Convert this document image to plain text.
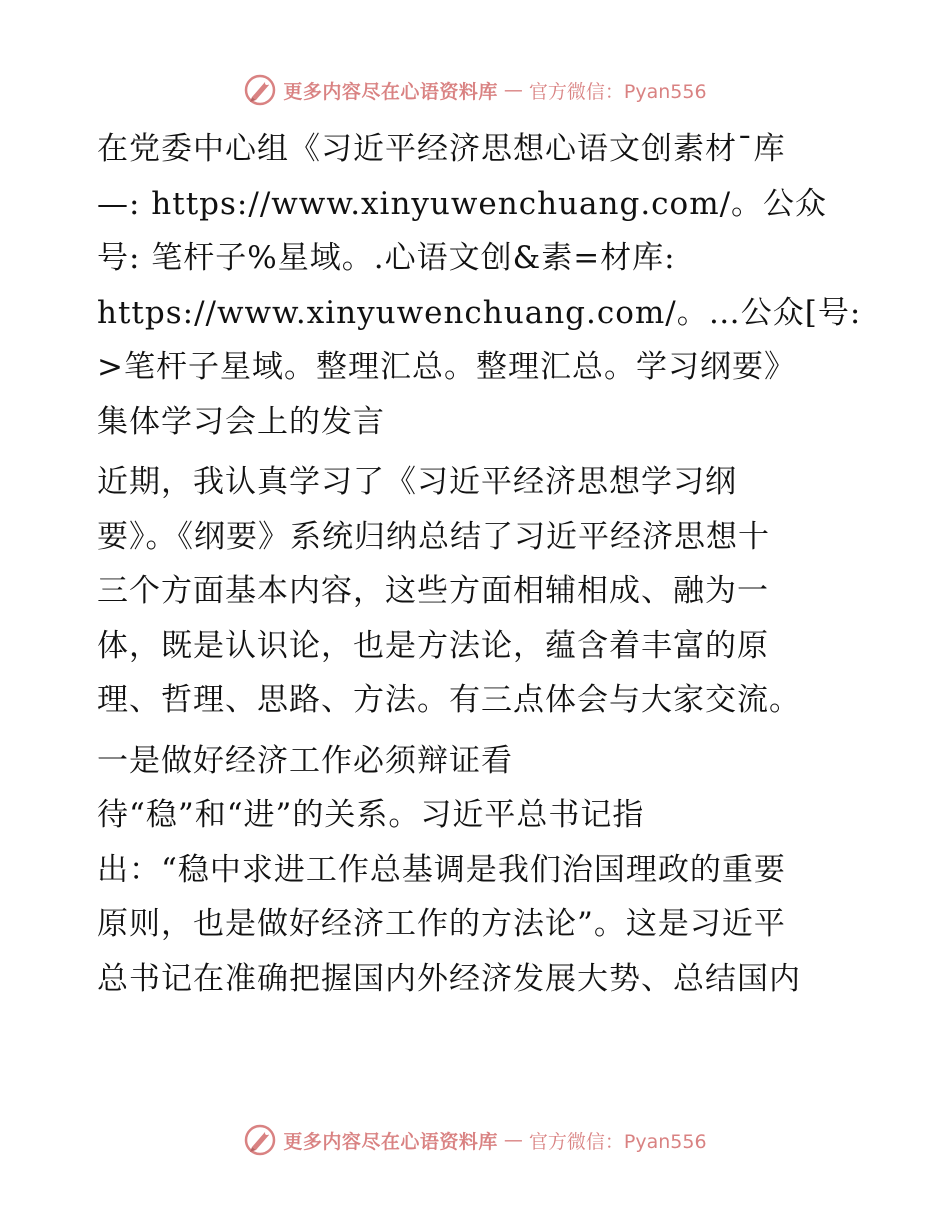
更多内容尽在心语资料库 — 官方微信：Pyan556
在党委中心组《习近平经济思想心语文创素材¯库
—: https://www.xinyuwenchuang.com/。公众
号: 笔杆子%星域。.心语文创&素=材库:
https://www.xinyuwenchuang.com/。…公众[号:
>笔杆子星域。整理汇总。整理汇总。学习纲要》
集体学习会上的发言
近期，我认真学习了《习近平经济思想学习纲
要》。《纲要》系统归纳总结了习近平经济思想十
三个方面基本内容，这些方面相辅相成、融为一
体，既是认识论，也是方法论，蕴含着丰富的原
理、哲理、思路、方法。有三点体会与大家交流。
一是做好经济工作必须辩证看
待“稳”和“进”的关系。习近平总书记指
出：“稳中求进工作总基调是我们治国理政的重要
原则，也是做好经济工作的方法论”。这是习近平
总书记在准确把握国内外经济发展大势、总结国内
更多内容尽在心语资料库 — 官方微信：Pyan556
